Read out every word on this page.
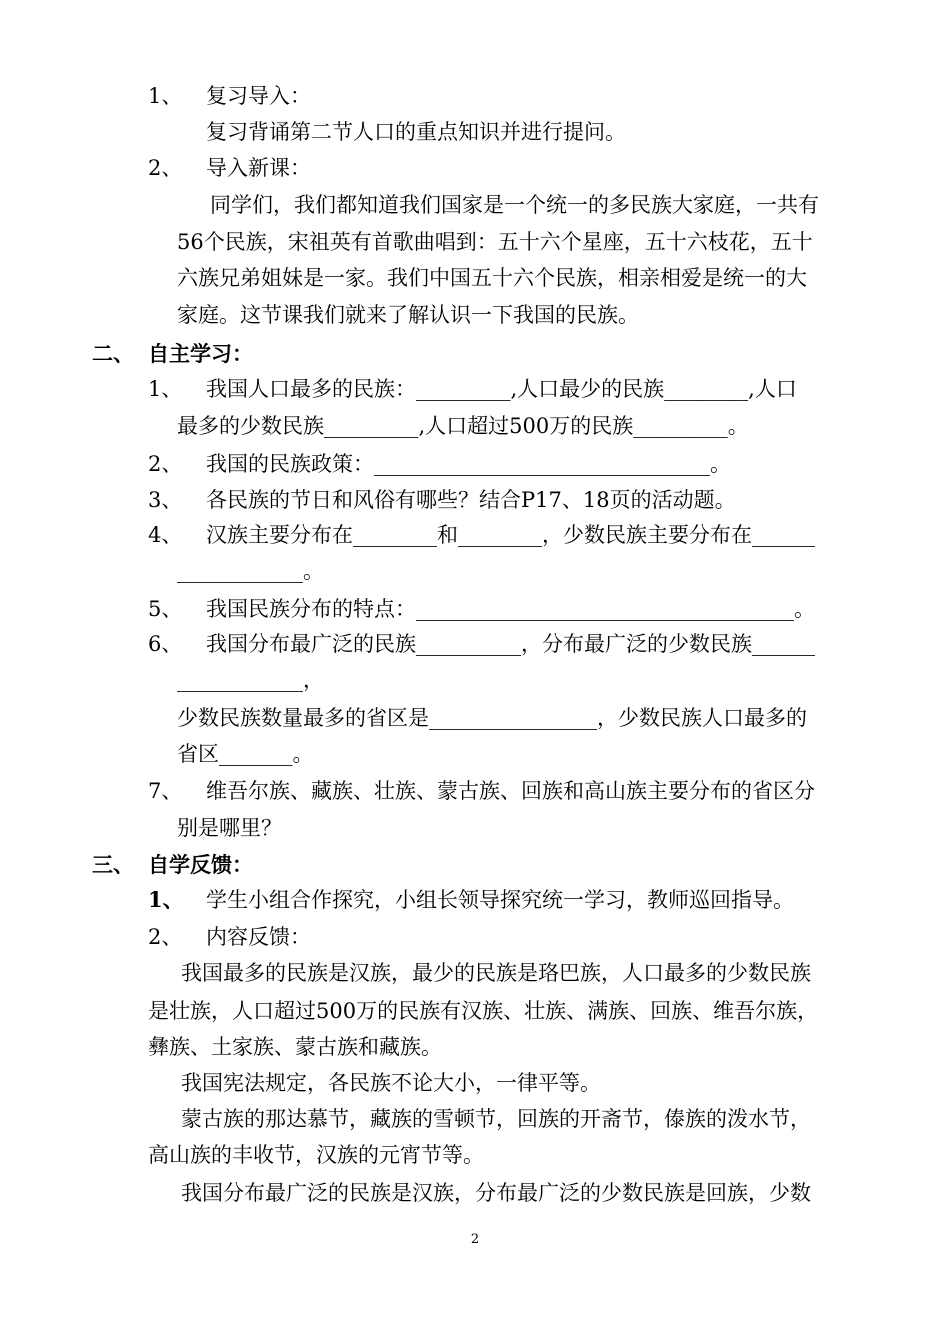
1、 复习导入：
复习背诵第二节人口的重点知识并进行提问。
2、 导入新课：
同学们，我们都知道我们国家是一个统一的多民族大家庭，一共有
56个民族，宋祖英有首歌曲唱到：五十六个星座，五十六枝花，五十
六族兄弟姐妹是一家。我们中国五十六个民族，相亲相爱是统一的大
家庭。这节课我们就来了解认识一下我国的民族。
二、 自主学习：
1、 我国人口最多的民族：_________,人口最少的民族________,人口
最多的少数民族_________,人口超过500万的民族_________。
2、 我国的民族政策：________________________________。
3、 各民族的节日和风俗有哪些？结合P17、18页的活动题。
4、 汉族主要分布在________和________，少数民族主要分布在______
____________。
5、 我国民族分布的特点：____________________________________。
6、 我国分布最广泛的民族__________，分布最广泛的少数民族______
____________，
少数民族数量最多的省区是________________，少数民族人口最多的
省区_______。
7、 维吾尔族、藏族、壮族、蒙古族、回族和高山族主要分布的省区分
别是哪里？
三、 自学反馈：
1、 学生小组合作探究，小组长领导探究统一学习，教师巡回指导。
2、 内容反馈：
我国最多的民族是汉族，最少的民族是珞巴族，人口最多的少数民族
是壮族，人口超过500万的民族有汉族、壮族、满族、回族、维吾尔族，
彝族、土家族、蒙古族和藏族。
我国宪法规定，各民族不论大小，一律平等。
蒙古族的那达慕节，藏族的雪顿节，回族的开斋节，傣族的泼水节，
高山族的丰收节，汉族的元宵节等。
我国分布最广泛的民族是汉族，分布最广泛的少数民族是回族，少数
2
